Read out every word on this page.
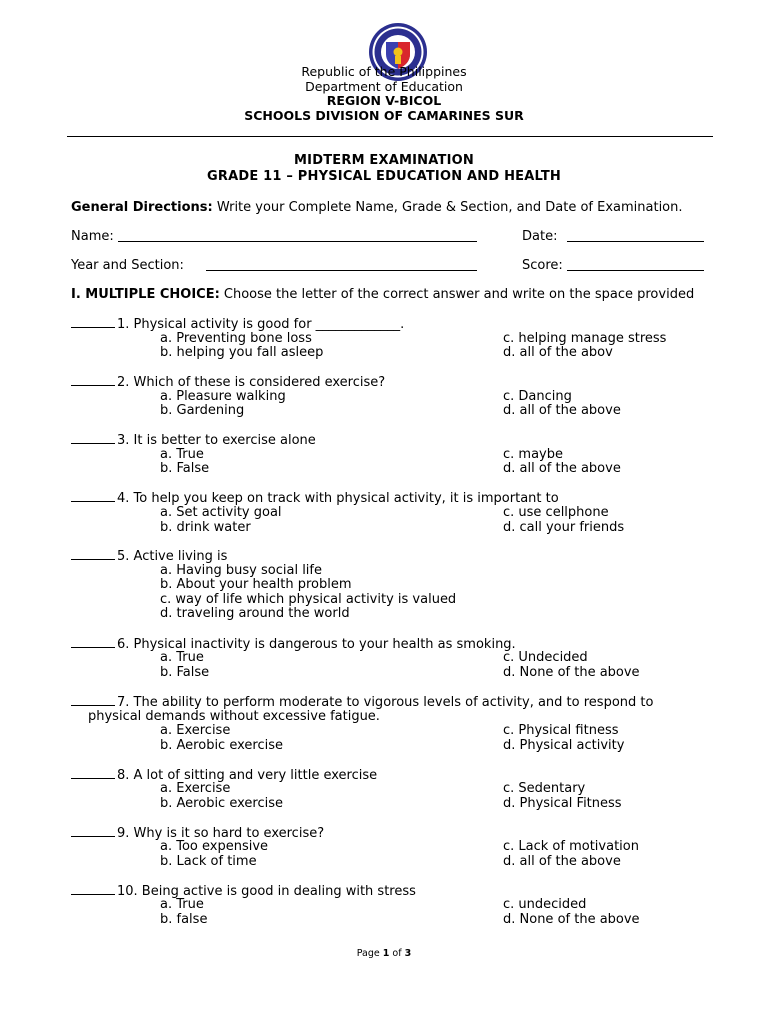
Republic of the Philippines
Department of Education
REGION V-BICOL
SCHOOLS DIVISION OF CAMARINES SUR
MIDTERM EXAMINATION
GRADE 11 – PHYSICAL EDUCATION AND HEALTH
General Directions: Write your Complete Name, Grade & Section, and Date of Examination.
Name:	Date:
Year and Section:	Score:
I. MULTIPLE CHOICE: Choose the letter of the correct answer and write on the space provided
1. Physical activity is good for _____________.
a. Preventing bone loss
b. helping you fall asleep
c. helping manage stress
d. all of the abov
2. Which of these is considered exercise?
a. Pleasure walking
b. Gardening
c. Dancing
d. all of the above
3. It is better to exercise alone
a. True
b. False
c. maybe
d. all of the above
4. To help you keep on track with physical activity, it is important to
a. Set activity goal
b. drink water
c. use cellphone
d. call your friends
5. Active living is
a. Having busy social life
b. About your health problem
c. way of life which physical activity is valued
d. traveling around the world
6. Physical inactivity is dangerous to your health as smoking.
a. True
b. False
c. Undecided
d. None of the above
7. The ability to perform moderate to vigorous levels of activity, and to respond to
physical demands without excessive fatigue.
a. Exercise
b. Aerobic exercise
c. Physical fitness
d. Physical activity
8. A lot of sitting and very little exercise
a. Exercise
b. Aerobic exercise
c. Sedentary
d. Physical Fitness
9. Why is it so hard to exercise?
a. Too expensive
b. Lack of time
c. Lack of motivation
d. all of the above
10. Being active is good in dealing with stress
a. True
b. false
c. undecided
d. None of the above
Page 1 of 3
